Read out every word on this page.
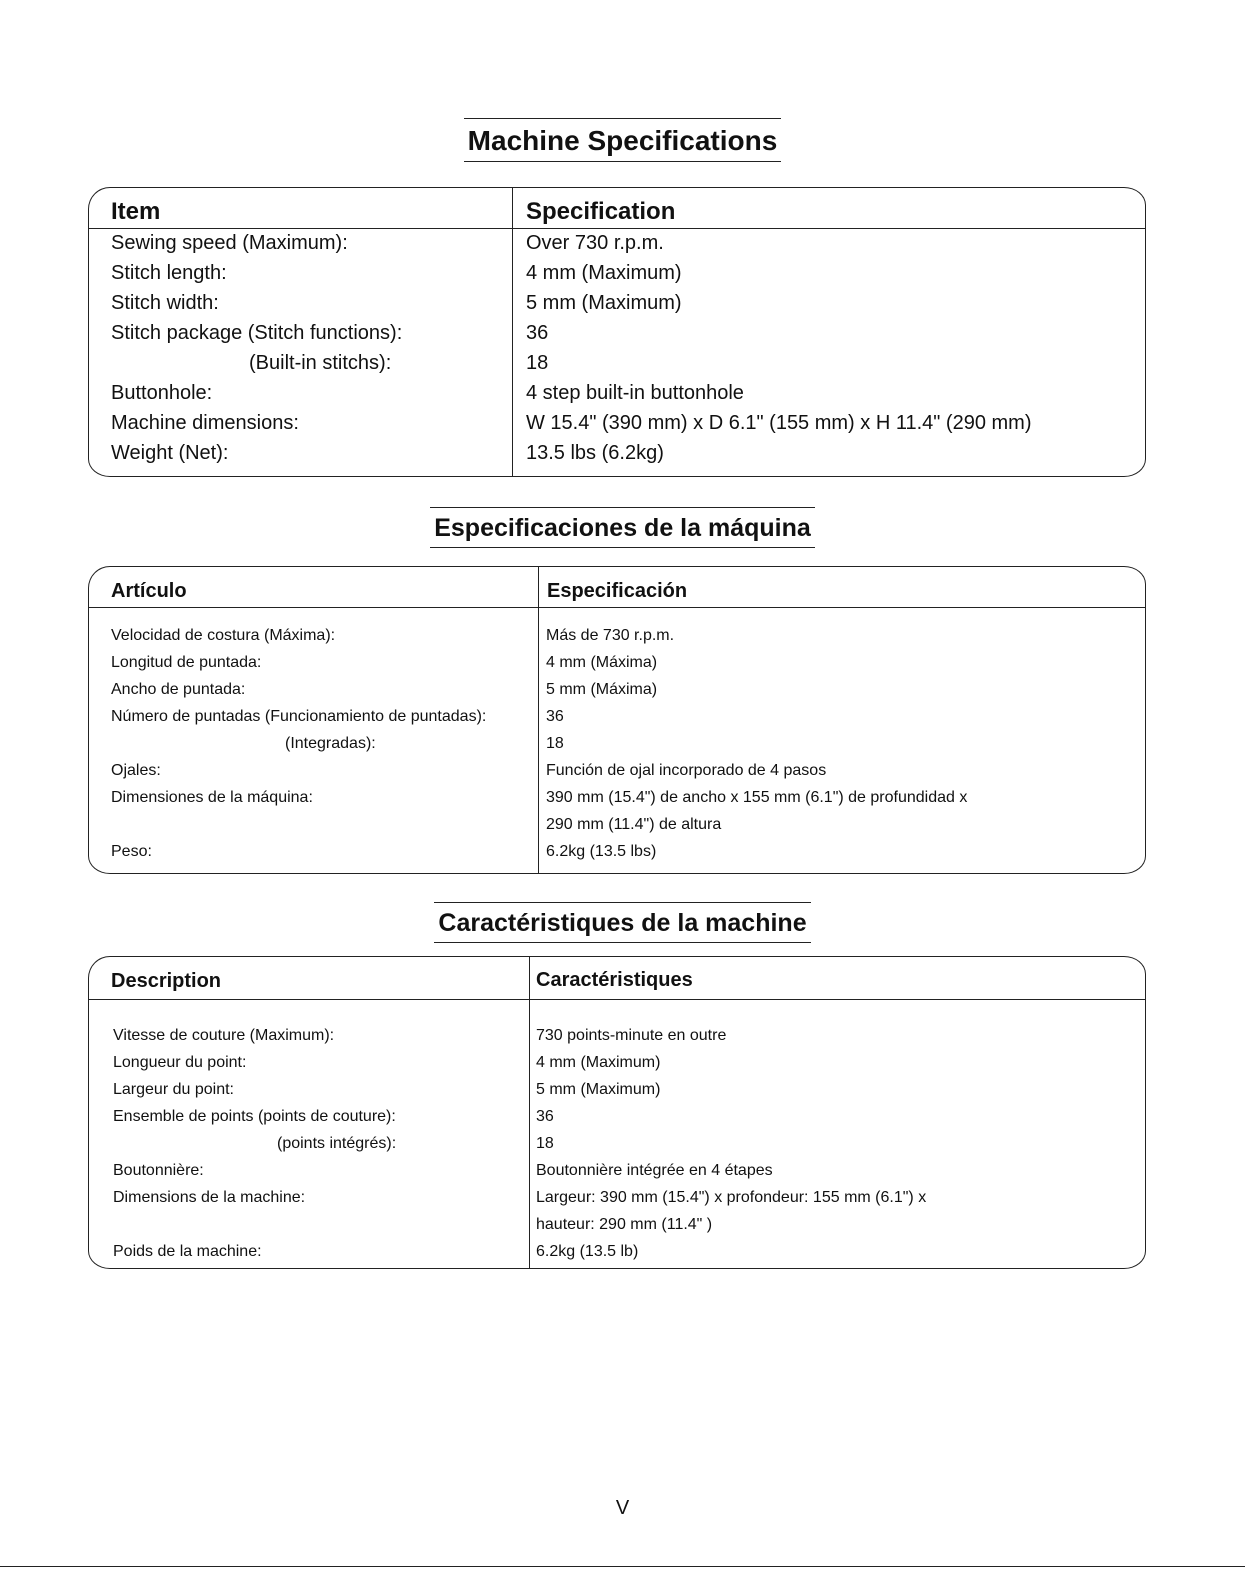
Machine Specifications
Item	Specification
Sewing speed (Maximum):	Over 730 r.p.m.
Stitch length:	4 mm (Maximum)
Stitch width:	5 mm (Maximum)
Stitch package (Stitch functions):	36
(Built-in stitchs):	18
Buttonhole:	4 step built-in buttonhole
Machine dimensions:	W 15.4" (390 mm) x D 6.1" (155 mm) x H 11.4" (290 mm)
Weight (Net):	13.5 lbs (6.2kg)
Especificaciones de la máquina
Artículo	Especificación
Velocidad de costura (Máxima):	Más de 730 r.p.m.
Longitud de puntada:	4 mm (Máxima)
Ancho de puntada:	5 mm (Máxima)
Número de puntadas (Funcionamiento de puntadas):	36
(Integradas):	18
Ojales:	Función de ojal incorporado de 4 pasos
Dimensiones de la máquina:	390 mm (15.4") de ancho x 155 mm (6.1") de profundidad x
290 mm (11.4") de altura
Peso:	6.2kg (13.5 lbs)
Caractéristiques de la machine
Description	Caractéristiques
Vitesse de couture (Maximum):	730 points-minute en outre
Longueur du point:	4 mm (Maximum)
Largeur du point:	5 mm (Maximum)
Ensemble de points (points de couture):	36
(points intégrés):	18
Boutonnière:	Boutonnière intégrée en 4 étapes
Dimensions de la machine:	Largeur: 390 mm (15.4") x profondeur: 155 mm (6.1") x
hauteur: 290 mm (11.4" )
Poids de la machine:	6.2kg (13.5 lb)
V
